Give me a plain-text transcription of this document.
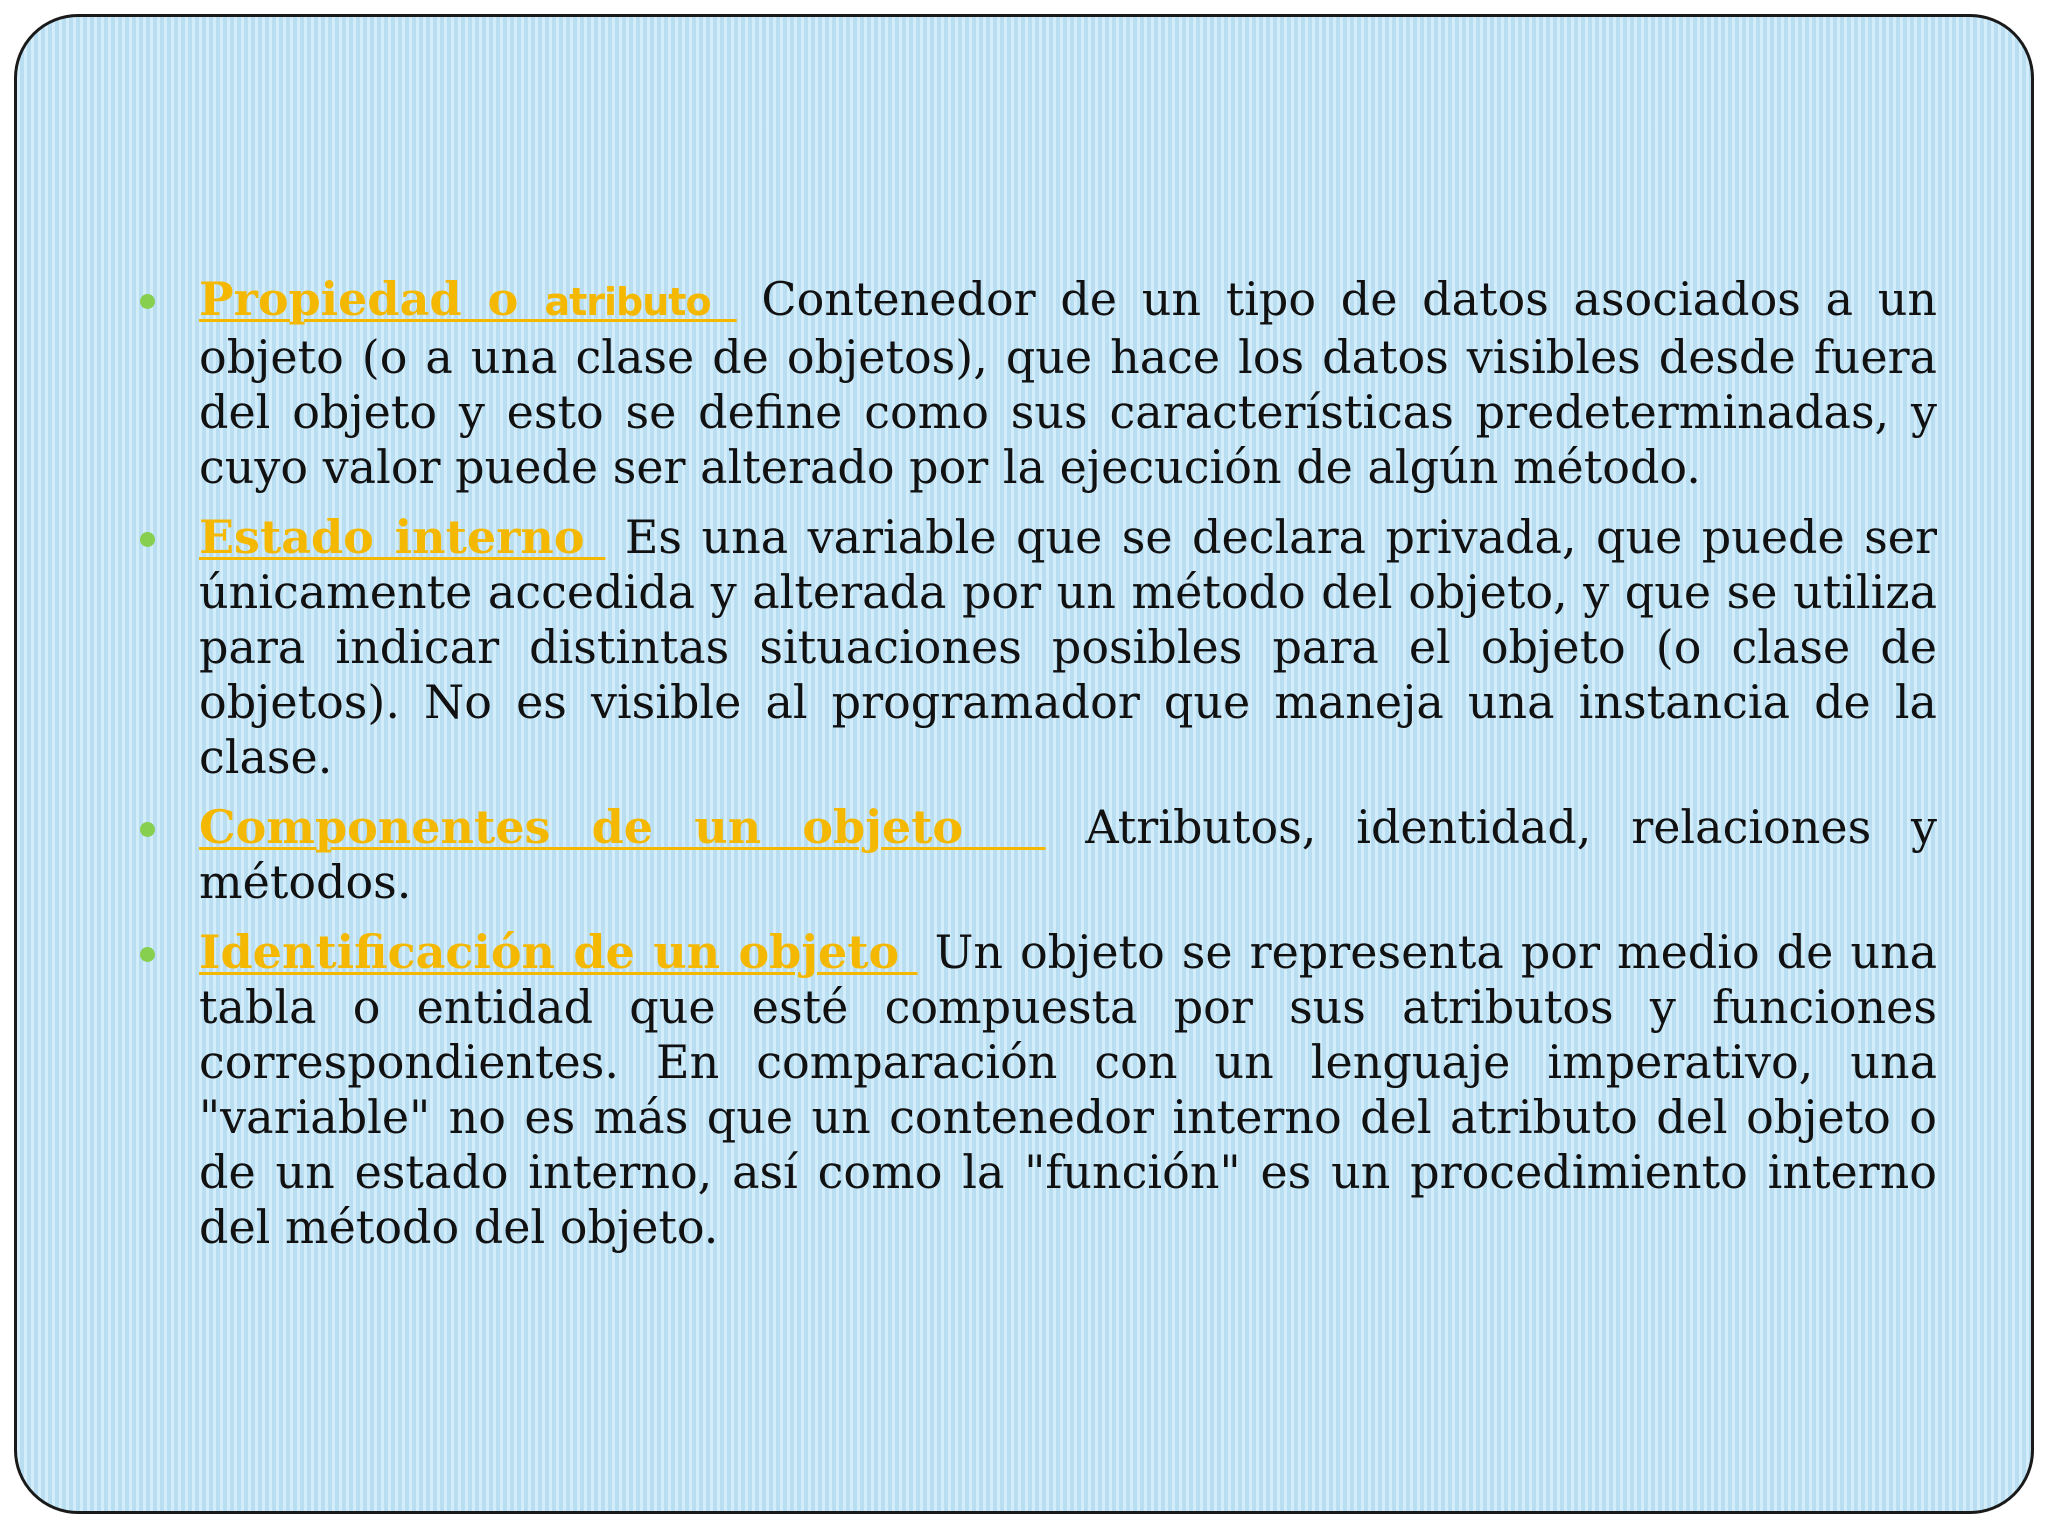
Propiedad o atributo  Contenedor de un tipo de datos asociados a un objeto (o a una clase de objetos), que hace los datos visibles desde fuera del objeto y esto se define como sus características predeterminadas, y cuyo valor puede ser alterado por la ejecución de algún método.
Estado interno  Es una variable que se declara privada, que puede ser únicamente accedida y alterada por un método del objeto, y que se utiliza para indicar distintas situaciones posibles para el objeto (o clase de objetos). No es visible al programador que maneja una instancia de la clase.
Componentes de un objeto   Atributos, identidad, relaciones y métodos.
Identificación de un objeto  Un objeto se representa por medio de una tabla o entidad que esté compuesta por sus atributos y funciones correspondientes. En comparación con un lenguaje imperativo, una "variable" no es más que un contenedor interno del atributo del objeto o de un estado interno, así como la "función" es un procedimiento interno del método del objeto.
